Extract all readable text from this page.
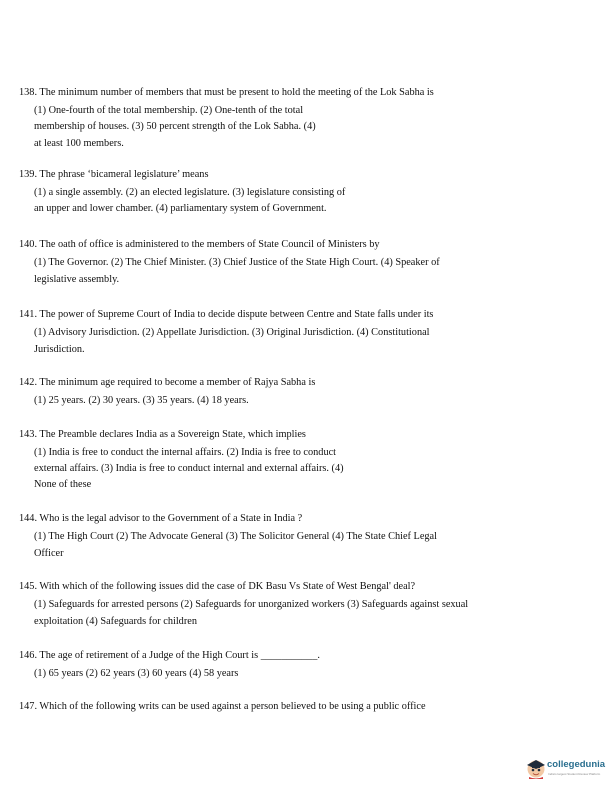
138. The minimum number of members that must be present to hold the meeting of the Lok Sabha is
(1) One-fourth of the total membership. (2) One-tenth of the total
membership of houses. (3) 50 percent strength of the Lok Sabha. (4)
at least 100 members.
139. The phrase ‘bicameral legislature’ means
(1) a single assembly. (2) an elected legislature. (3) legislature consisting of
an upper and lower chamber. (4) parliamentary system of Government.
140. The oath of office is administered to the members of State Council of Ministers by
(1) The Governor. (2) The Chief Minister. (3) Chief Justice of the State High Court. (4) Speaker of
legislative assembly.
141. The power of Supreme Court of India to decide dispute between Centre and State falls under its
(1) Advisory Jurisdiction. (2) Appellate Jurisdiction. (3) Original Jurisdiction. (4) Constitutional
Jurisdiction.
142. The minimum age required to become a member of Rajya Sabha is
(1) 25 years. (2) 30 years. (3) 35 years. (4) 18 years.
143. The Preamble declares India as a Sovereign State, which implies
(1) India is free to conduct the internal affairs. (2) India is free to conduct
external affairs. (3) India is free to conduct internal and external affairs. (4)
None of these
144. Who is the legal advisor to the Government of a State in India ?
(1) The High Court (2) The Advocate General (3) The Solicitor General (4) The State Chief Legal
Officer
145. With which of the following issues did the case of DK Basu Vs State of West Bengal' deal?
(1) Safeguards for arrested persons (2) Safeguards for unorganized workers (3) Safeguards against sexual
exploitation (4) Safeguards for children
146. The age of retirement of a Judge of the High Court is ___________.
(1) 65 years (2) 62 years (3) 60 years (4) 58 years
147. Which of the following writs can be used against a person believed to be using a public office
collegedunia
India's largest Student Review Platform
